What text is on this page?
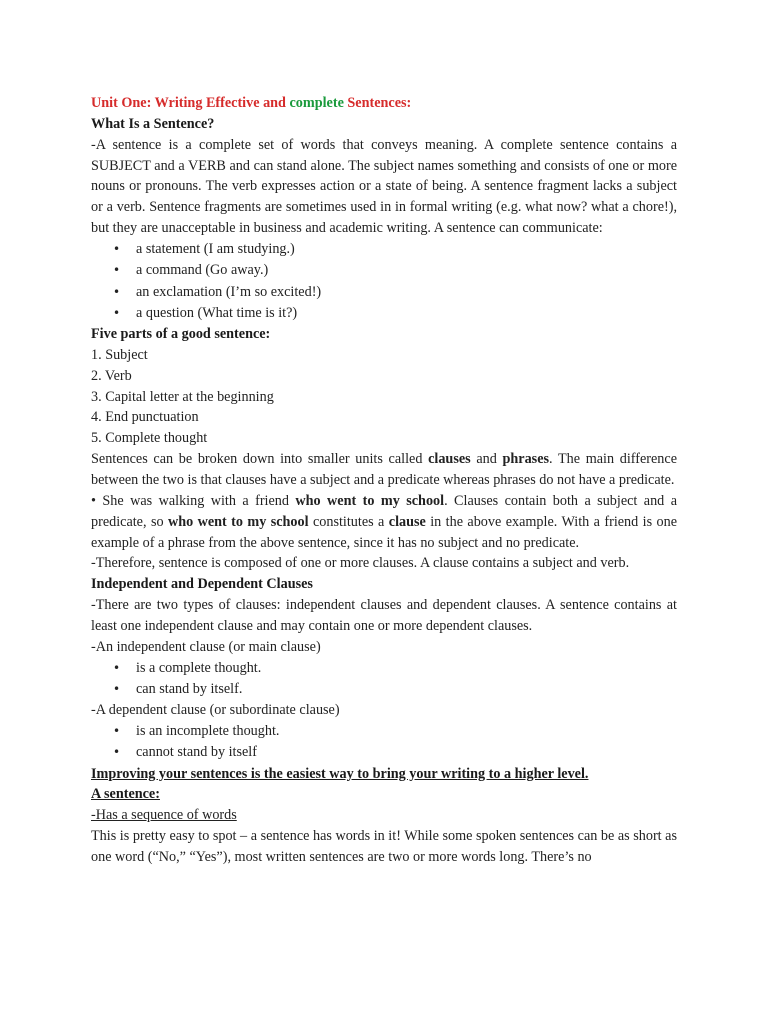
Unit One: Writing Effective and complete Sentences:

What Is a Sentence?

-A sentence is a complete set of words that conveys meaning. A complete sentence contains a SUBJECT and a VERB and can stand alone. The subject names something and consists of one or more nouns or pronouns. The verb expresses action or a state of being. A sentence fragment lacks a subject or a verb. Sentence fragments are sometimes used in in formal writing (e.g. what now? what a chore!), but they are unacceptable in business and academic writing. A sentence can communicate:

• a statement (I am studying.)
• a command (Go away.)
• an exclamation (I’m so excited!)
• a question (What time is it?)

Five parts of a good sentence:

1. Subject
2. Verb
3. Capital letter at the beginning
4. End punctuation
5. Complete thought

Sentences can be broken down into smaller units called clauses and phrases. The main difference between the two is that clauses have a subject and a predicate whereas phrases do not have a predicate.

• She was walking with a friend who went to my school. Clauses contain both a subject and a predicate, so who went to my school constitutes a clause in the above example. With a friend is one example of a phrase from the above sentence, since it has no subject and no predicate.

-Therefore, sentence is composed of one or more clauses. A clause contains a subject and verb.

Independent and Dependent Clauses

-There are two types of clauses: independent clauses and dependent clauses. A sentence contains at least one independent clause and may contain one or more dependent clauses.

-An independent clause (or main clause)

• is a complete thought.
• can stand by itself.

-A dependent clause (or subordinate clause)

• is an incomplete thought.
• cannot stand by itself

Improving your sentences is the easiest way to bring your writing to a higher level.

A sentence:

-Has a sequence of words

This is pretty easy to spot – a sentence has words in it! While some spoken sentences can be as short as one word (“No,” “Yes”), most written sentences are two or more words long. There’s no
